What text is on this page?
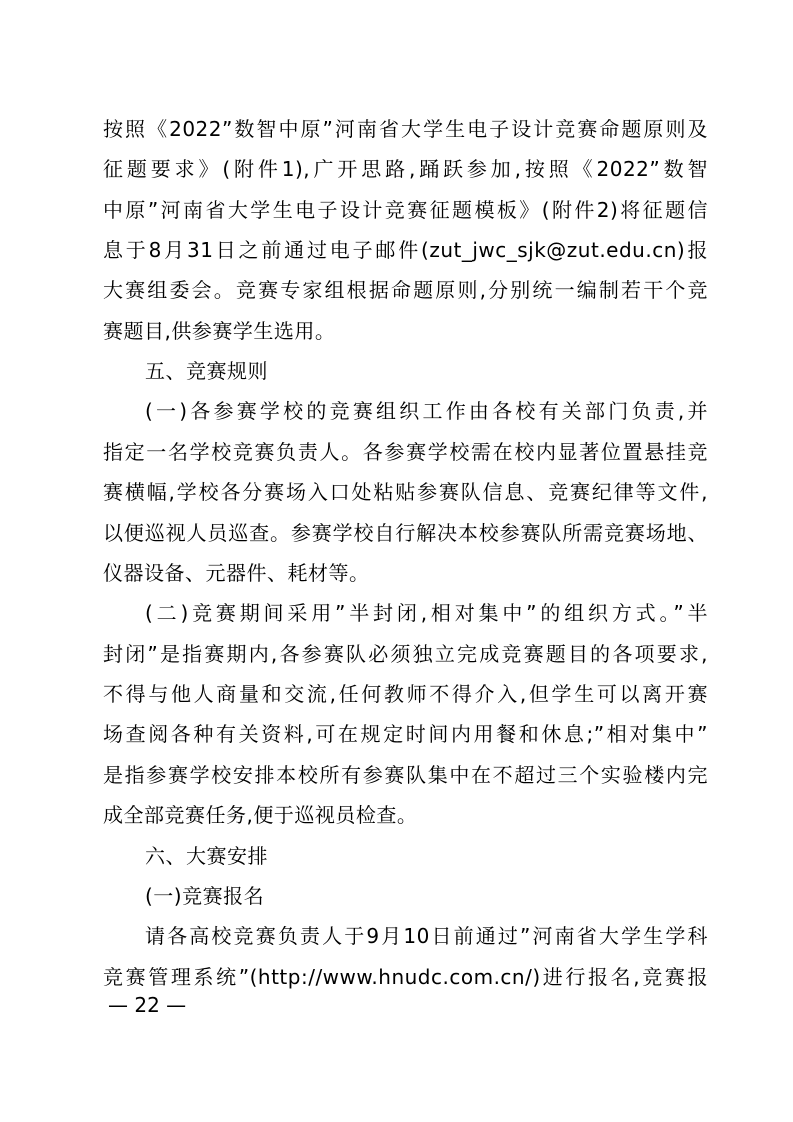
按照《2022”数智中原”河南省大学生电子设计竞赛命题原则及
征题要求》(附件1),广开思路,踊跃参加,按照《2022”数智
中原”河南省大学生电子设计竞赛征题模板》(附件2)将征题信
息于8月31日之前通过电子邮件(zut_jwc_sjk@zut.edu.cn)报
大赛组委会。竞赛专家组根据命题原则,分别统一编制若干个竞
赛题目,供参赛学生选用。
五、竞赛规则
(一)各参赛学校的竞赛组织工作由各校有关部门负责,并
指定一名学校竞赛负责人。各参赛学校需在校内显著位置悬挂竞
赛横幅,学校各分赛场入口处粘贴参赛队信息、竞赛纪律等文件,
以便巡视人员巡查。参赛学校自行解决本校参赛队所需竞赛场地、
仪器设备、元器件、耗材等。
(二)竞赛期间采用”半封闭,相对集中”的组织方式。”半
封闭”是指赛期内,各参赛队必须独立完成竞赛题目的各项要求,
不得与他人商量和交流,任何教师不得介入,但学生可以离开赛
场查阅各种有关资料,可在规定时间内用餐和休息;”相对集中”
是指参赛学校安排本校所有参赛队集中在不超过三个实验楼内完
成全部竞赛任务,便于巡视员检查。
六、大赛安排
(一)竞赛报名
请各高校竞赛负责人于9月10日前通过”河南省大学生学科
竞赛管理系统”(http://www.hnudc.com.cn/)进行报名,竞赛报
— 22 —
